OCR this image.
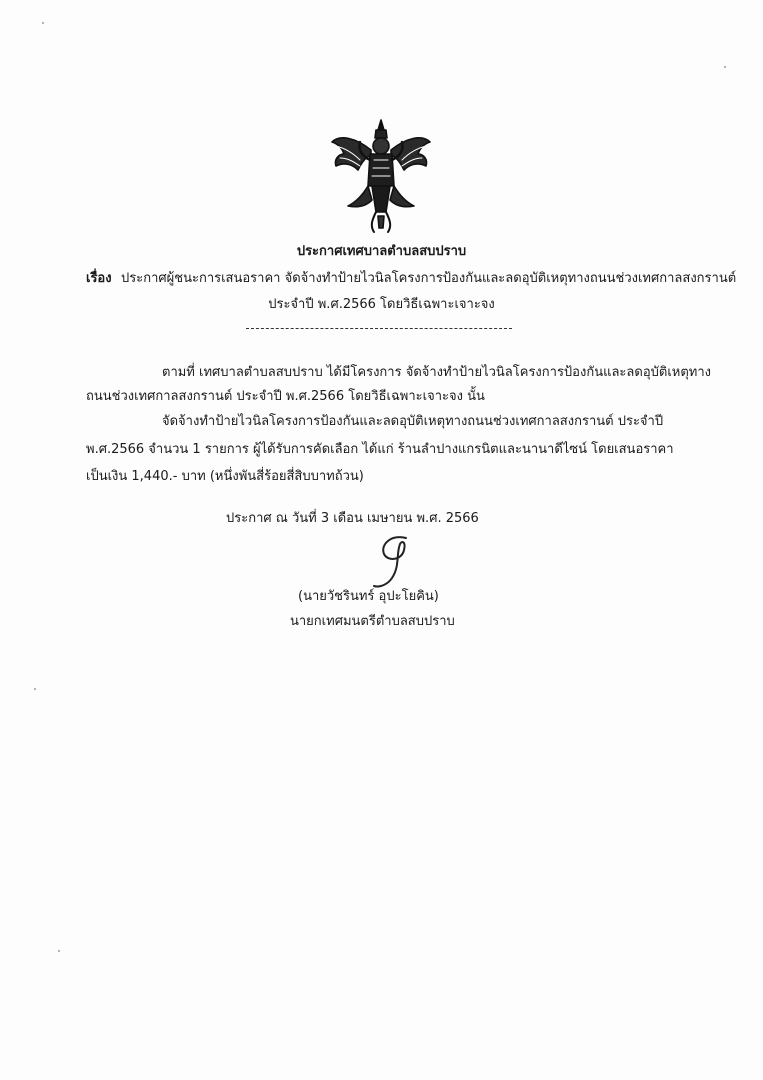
ประกาศเทศบาลตำบลสบปราบ
เรื่อง ประกาศผู้ชนะการเสนอราคา จัดจ้างทำป้ายไวนิลโครงการป้องกันและลดอุบัติเหตุทางถนนช่วงเทศกาลสงกรานต์
ประจำปี พ.ศ.2566 โดยวิธีเฉพาะเจาะจง
ตามที่ เทศบาลตำบลสบปราบ ได้มีโครงการ จัดจ้างทำป้ายไวนิลโครงการป้องกันและลดอุบัติเหตุทาง
ถนนช่วงเทศกาลสงกรานต์ ประจำปี พ.ศ.2566 โดยวิธีเฉพาะเจาะจง นั้น
จัดจ้างทำป้ายไวนิลโครงการป้องกันและลดอุบัติเหตุทางถนนช่วงเทศกาลสงกรานต์ ประจำปี
พ.ศ.2566 จำนวน 1 รายการ ผู้ได้รับการคัดเลือก ได้แก่ ร้านลำปางแกรนิตและนานาดีไซน์ โดยเสนอราคา
เป็นเงิน 1,440.- บาท (หนึ่งพันสี่ร้อยสี่สิบบาทถ้วน)
ประกาศ ณ วันที่ 3 เดือน เมษายน พ.ศ. 2566
(นายวัชรินทร์ อุปะโยคิน)
นายกเทศมนตรีตำบลสบปราบ
